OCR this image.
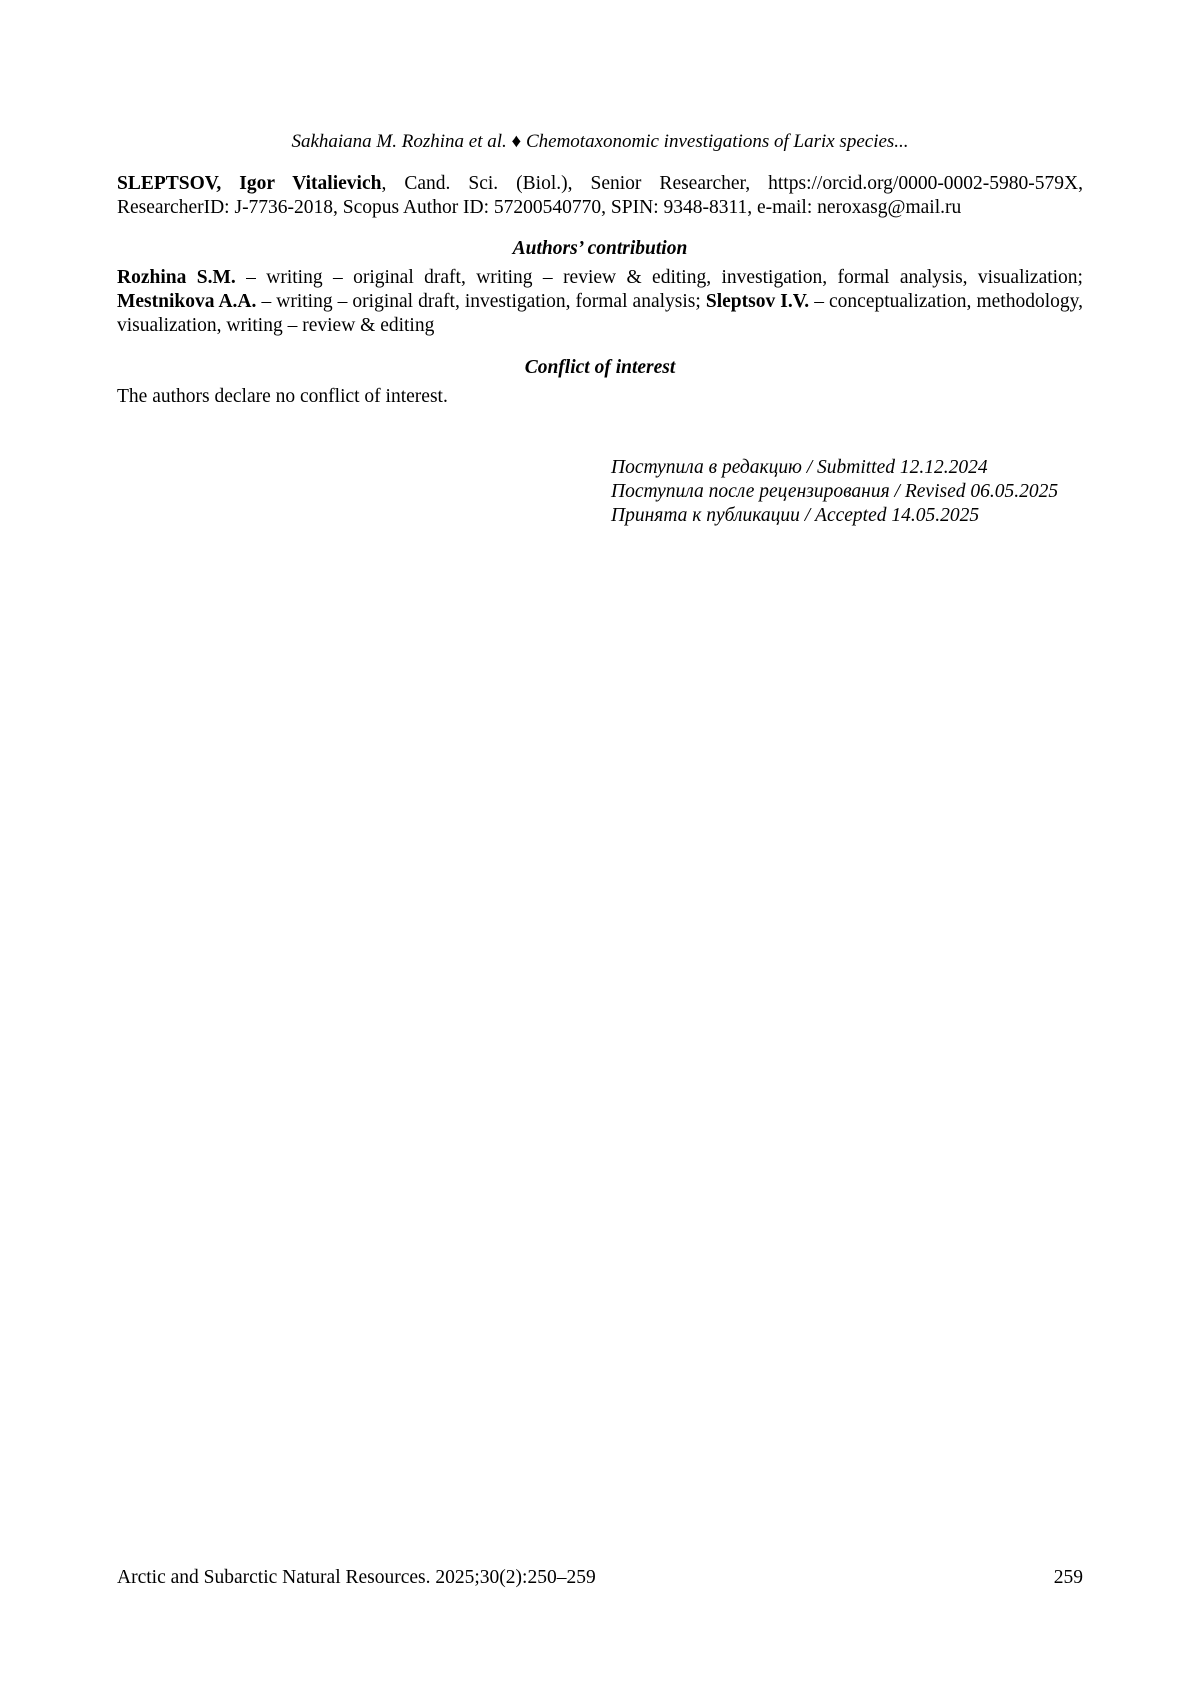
Sakhaiana M. Rozhina et al. ♦ Chemotaxonomic investigations of Larix species...
SLEPTSOV, Igor Vitalievich, Cand. Sci. (Biol.), Senior Researcher, https://orcid.org/0000-0002-5980-579X, ResearcherID: J-7736-2018, Scopus Author ID: 57200540770, SPIN: 9348-8311, e-mail: neroxasg@mail.ru
Authors’ contribution
Rozhina S.M. – writing – original draft, writing – review & editing, investigation, formal analysis, visualization; Mestnikova A.A. – writing – original draft, investigation, formal analysis; Sleptsov I.V. – conceptualization, methodology, visualization, writing – review & editing
Conflict of interest
The authors declare no conflict of interest.
Поступила в редакцию / Submitted 12.12.2024
Поступила после рецензирования / Revised 06.05.2025
Принята к публикации / Accepted 14.05.2025
Arctic and Subarctic Natural Resources. 2025;30(2):250–259	259
